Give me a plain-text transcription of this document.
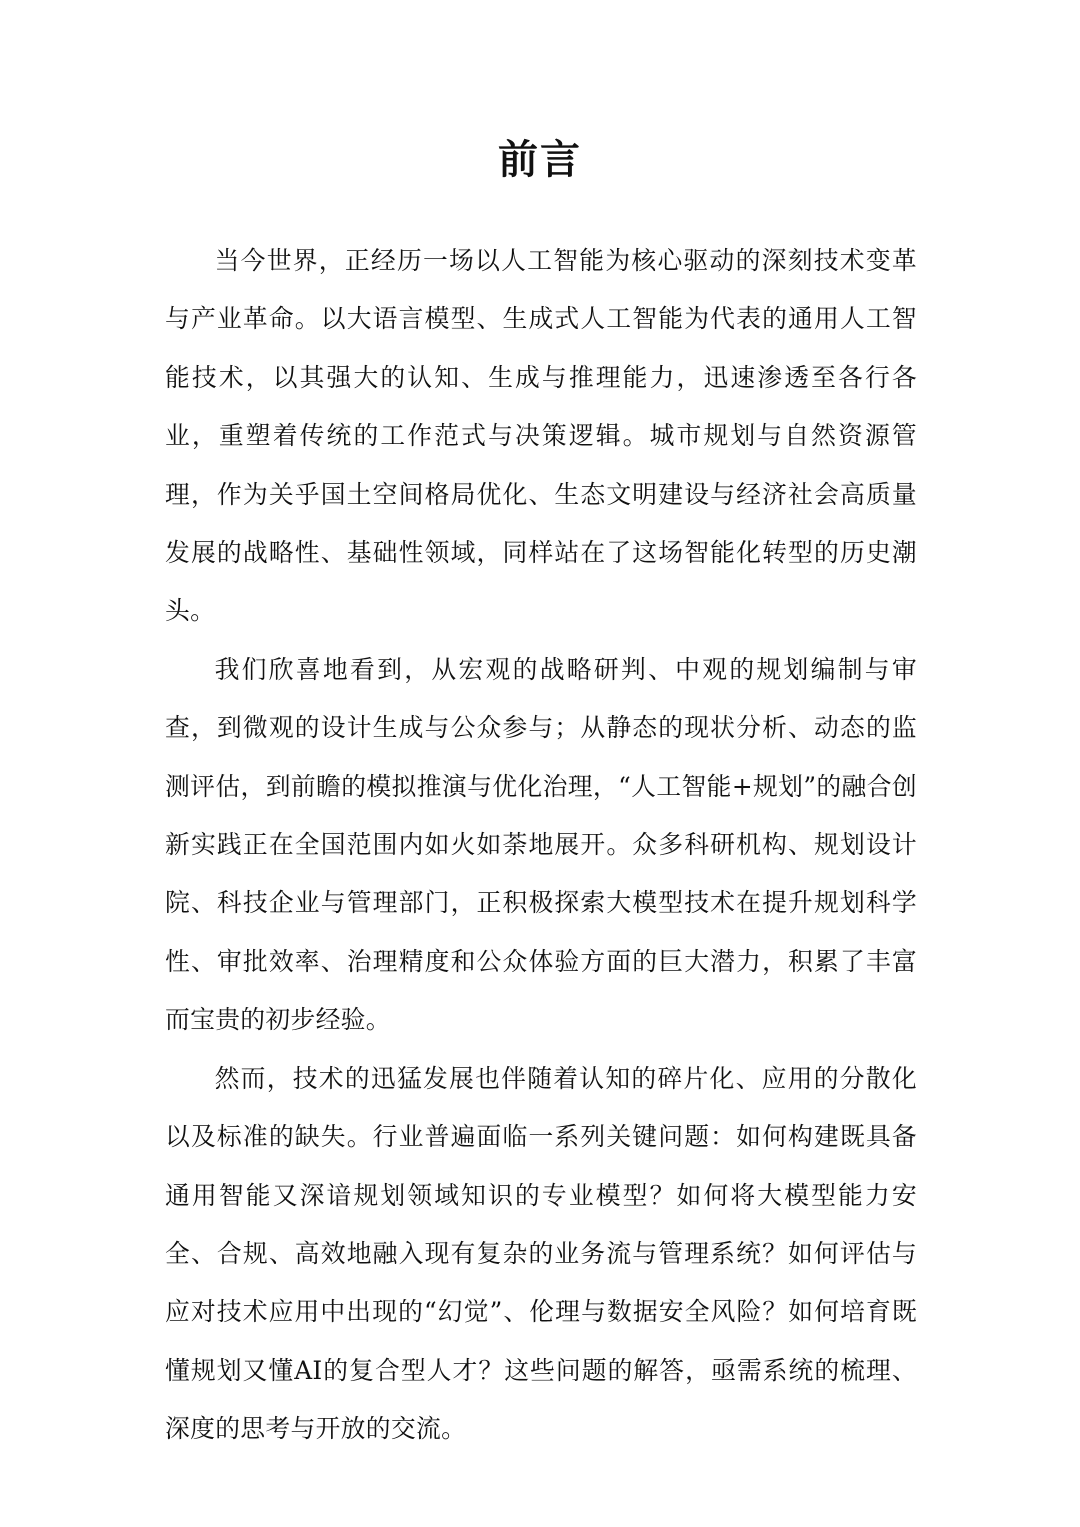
前言

当今世界，正经历一场以人工智能为核心驱动的深刻技术变革与产业革命。以大语言模型、生成式人工智能为代表的通用人工智能技术，以其强大的认知、生成与推理能力，迅速渗透至各行各业，重塑着传统的工作范式与决策逻辑。城市规划与自然资源管理，作为关乎国土空间格局优化、生态文明建设与经济社会高质量发展的战略性、基础性领域，同样站在了这场智能化转型的历史潮头。

我们欣喜地看到，从宏观的战略研判、中观的规划编制与审查，到微观的设计生成与公众参与；从静态的现状分析、动态的监测评估，到前瞻的模拟推演与优化治理，“人工智能+规划”的融合创新实践正在全国范围内如火如荼地展开。众多科研机构、规划设计院、科技企业与管理部门，正积极探索大模型技术在提升规划科学性、审批效率、治理精度和公众体验方面的巨大潜力，积累了丰富而宝贵的初步经验。

然而，技术的迅猛发展也伴随着认知的碎片化、应用的分散化以及标准的缺失。行业普遍面临一系列关键问题：如何构建既具备通用智能又深谙规划领域知识的专业模型？如何将大模型能力安全、合规、高效地融入现有复杂的业务流与管理系统？如何评估与应对技术应用中出现的“幻觉”、伦理与数据安全风险？如何培育既懂规划又懂AI的复合型人才？这些问题的解答，亟需系统的梳理、深度的思考与开放的交流。
